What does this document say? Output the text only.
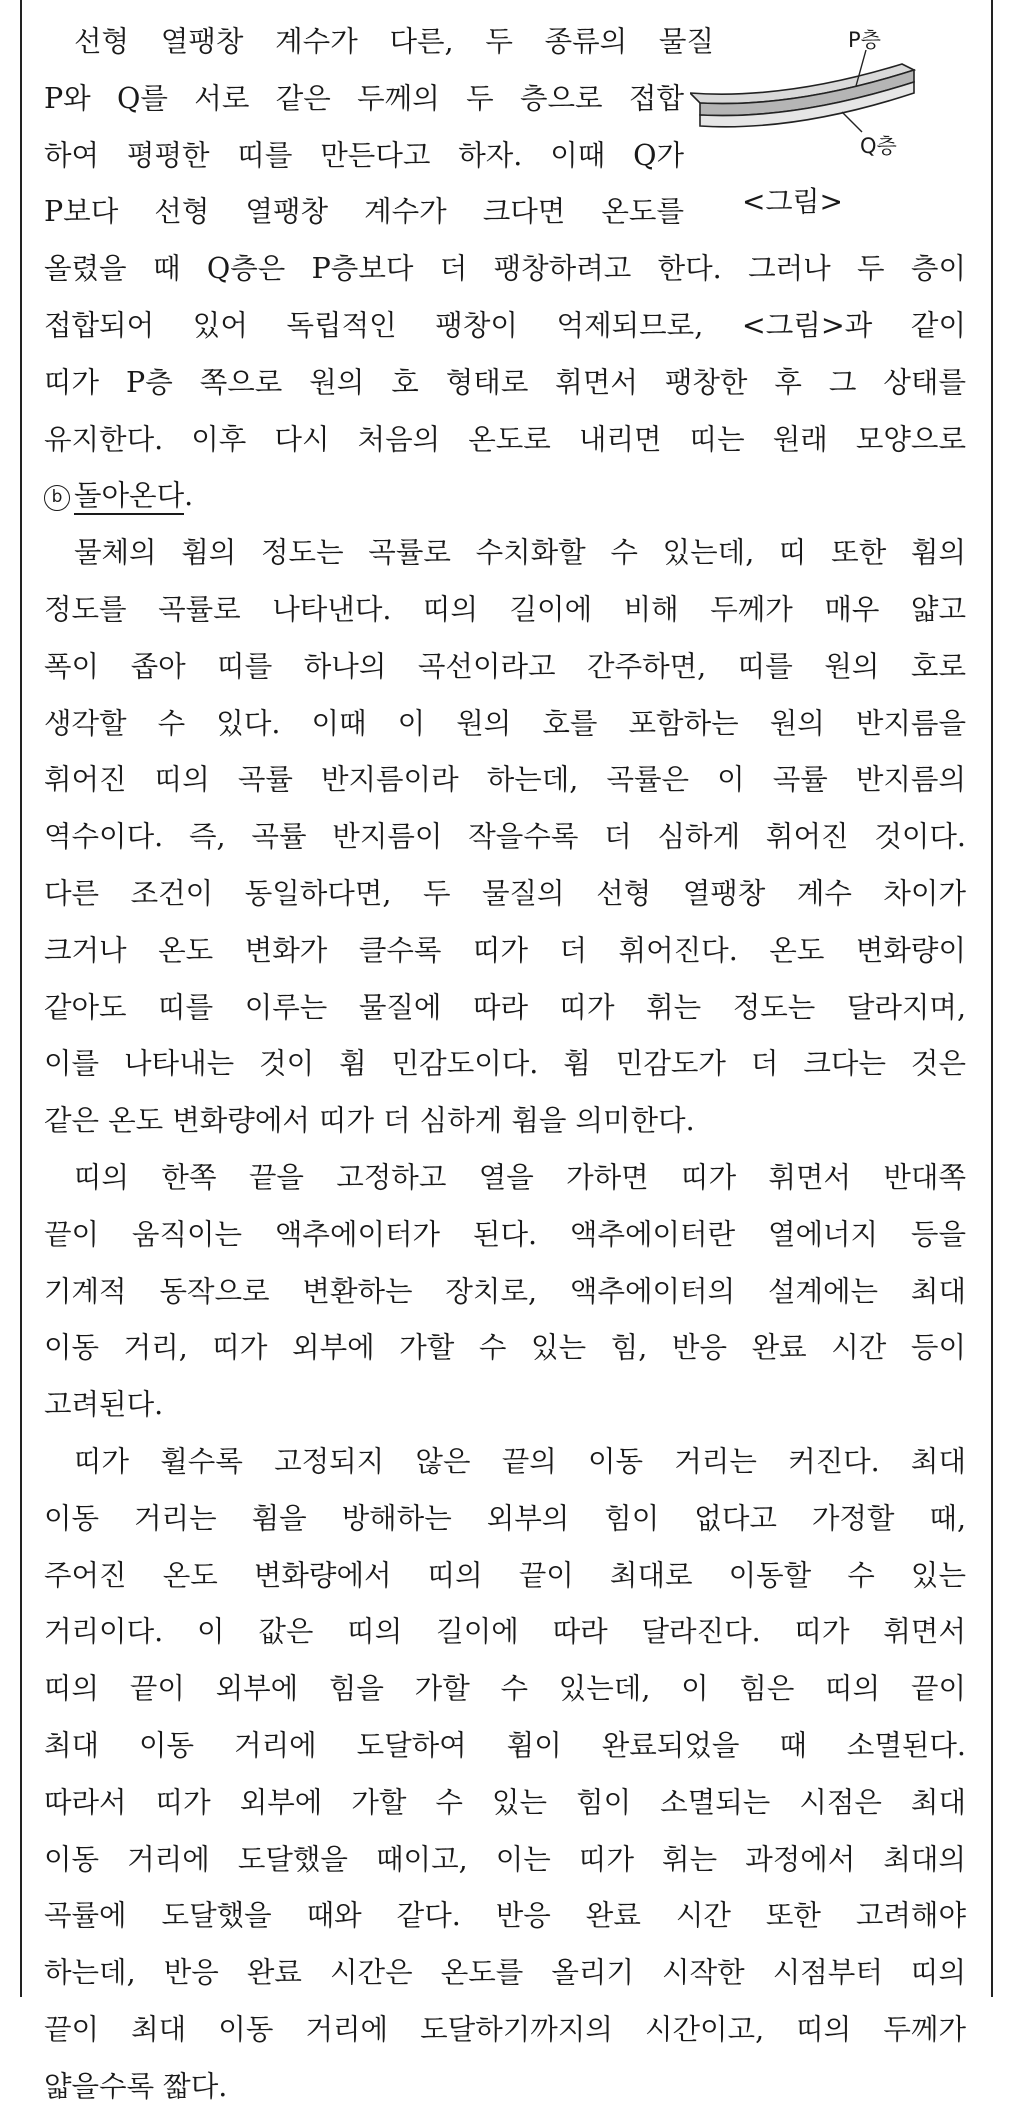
P층
Q층
<그림>

선형 열팽창 계수가 다른, 두 종류의 물질
P와 Q를 서로 같은 두께의 두 층으로 접합
하여 평평한 띠를 만든다고 하자. 이때 Q가
P보다 선형 열팽창 계수가 크다면 온도를
올렸을 때 Q층은 P층보다 더 팽창하려고 한다. 그러나 두 층이
접합되어 있어 독립적인 팽창이 억제되므로, <그림>과 같이
띠가 P층 쪽으로 원의 호 형태로 휘면서 팽창한 후 그 상태를
유지한다. 이후 다시 처음의 온도로 내리면 띠는 원래 모양으로
b 돌아온다.

물체의 휨의 정도는 곡률로 수치화할 수 있는데, 띠 또한 휨의
정도를 곡률로 나타낸다. 띠의 길이에 비해 두께가 매우 얇고
폭이 좁아 띠를 하나의 곡선이라고 간주하면, 띠를 원의 호로
생각할 수 있다. 이때 이 원의 호를 포함하는 원의 반지름을
휘어진 띠의 곡률 반지름이라 하는데, 곡률은 이 곡률 반지름의
역수이다. 즉, 곡률 반지름이 작을수록 더 심하게 휘어진 것이다.
다른 조건이 동일하다면, 두 물질의 선형 열팽창 계수 차이가
크거나 온도 변화가 클수록 띠가 더 휘어진다. 온도 변화량이
같아도 띠를 이루는 물질에 따라 띠가 휘는 정도는 달라지며,
이를 나타내는 것이 휨 민감도이다. 휨 민감도가 더 크다는 것은
같은 온도 변화량에서 띠가 더 심하게 휨을 의미한다.

띠의 한쪽 끝을 고정하고 열을 가하면 띠가 휘면서 반대쪽
끝이 움직이는 액추에이터가 된다. 액추에이터란 열에너지 등을
기계적 동작으로 변환하는 장치로, 액추에이터의 설계에는 최대
이동 거리, 띠가 외부에 가할 수 있는 힘, 반응 완료 시간 등이
고려된다.

띠가 휠수록 고정되지 않은 끝의 이동 거리는 커진다. 최대
이동 거리는 휨을 방해하는 외부의 힘이 없다고 가정할 때,
주어진 온도 변화량에서 띠의 끝이 최대로 이동할 수 있는
거리이다. 이 값은 띠의 길이에 따라 달라진다. 띠가 휘면서
띠의 끝이 외부에 힘을 가할 수 있는데, 이 힘은 띠의 끝이
최대 이동 거리에 도달하여 휨이 완료되었을 때 소멸된다.
따라서 띠가 외부에 가할 수 있는 힘이 소멸되는 시점은 최대
이동 거리에 도달했을 때이고, 이는 띠가 휘는 과정에서 최대의
곡률에 도달했을 때와 같다. 반응 완료 시간 또한 고려해야
하는데, 반응 완료 시간은 온도를 올리기 시작한 시점부터 띠의
끝이 최대 이동 거리에 도달하기까지의 시간이고, 띠의 두께가
얇을수록 짧다.
